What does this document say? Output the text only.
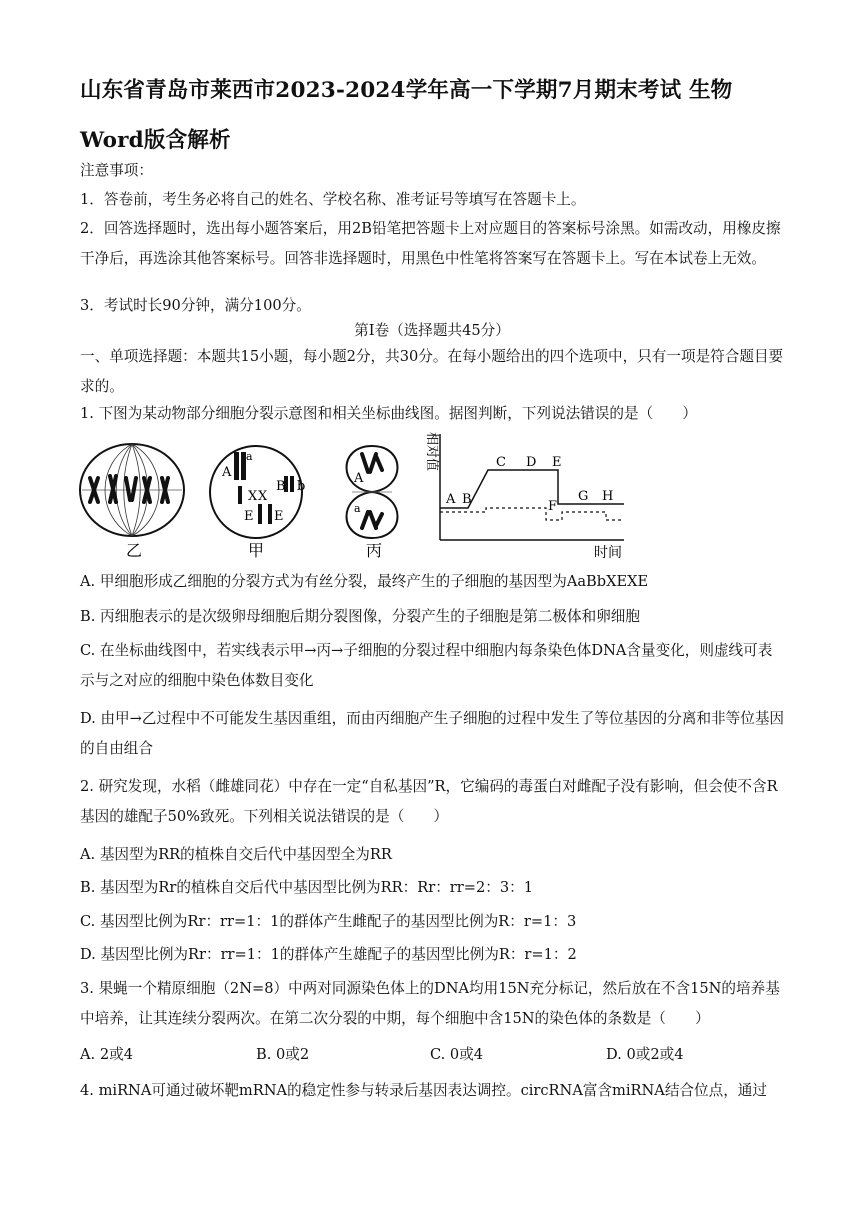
山东省青岛市莱西市2023-2024学年高一下学期7月期末考试 生物 Word版含解析
注意事项：
1．答卷前，考生务必将自己的姓名、学校名称、准考证号等填写在答题卡上。
2．回答选择题时，选出每小题答案后，用2B铅笔把答题卡上对应题目的答案标号涂黑。如需改动，用橡皮擦干净后，再选涂其他答案标号。回答非选择题时，用黑色中性笔将答案写在答题卡上。写在本试卷上无效。
3．考试时长90分钟，满分100分。
第Ⅰ卷（选择题共45分）
一、单项选择题：本题共15小题，每小题2分，共30分。在每小题给出的四个选项中，只有一项是符合题目要求的。
1. 下图为某动物部分细胞分裂示意图和相关坐标曲线图。据图判断，下列说法错误的是（　　）
乙
A
a
B b
X X
E E
甲
A
a
丙
相对值
时间
A B
C D E
F
G H
A. 甲细胞形成乙细胞的分裂方式为有丝分裂，最终产生的子细胞的基因型为AaBbXEXE
B. 丙细胞表示的是次级卵母细胞后期分裂图像，分裂产生的子细胞是第二极体和卵细胞
C. 在坐标曲线图中，若实线表示甲→丙→子细胞的分裂过程中细胞内每条染色体DNA含量变化，则虚线可表示与之对应的细胞中染色体数目变化
D. 由甲→乙过程中不可能发生基因重组，而由丙细胞产生子细胞的过程中发生了等位基因的分离和非等位基因的自由组合
2. 研究发现，水稻（雌雄同花）中存在一定“自私基因”R，它编码的毒蛋白对雌配子没有影响，但会使不含R基因的雄配子50%致死。下列相关说法错误的是（　　）
A. 基因型为RR的植株自交后代中基因型全为RR
B. 基因型为Rr的植株自交后代中基因型比例为RR：Rr：rr=2：3：1
C. 基因型比例为Rr：rr=1：1的群体产生雌配子的基因型比例为R：r=1：3
D. 基因型比例为Rr：rr=1：1的群体产生雄配子的基因型比例为R：r=1：2
3. 果蝇一个精原细胞（2N=8）中两对同源染色体上的DNA均用15N充分标记，然后放在不含15N的培养基中培养，让其连续分裂两次。在第二次分裂的中期，每个细胞中含15N的染色体的条数是（　　）
A. 2或4	B. 0或2	C. 0或4	D. 0或2或4
4. miRNA可通过破坏靶mRNA的稳定性参与转录后基因表达调控。circRNA富含miRNA结合位点，通过
